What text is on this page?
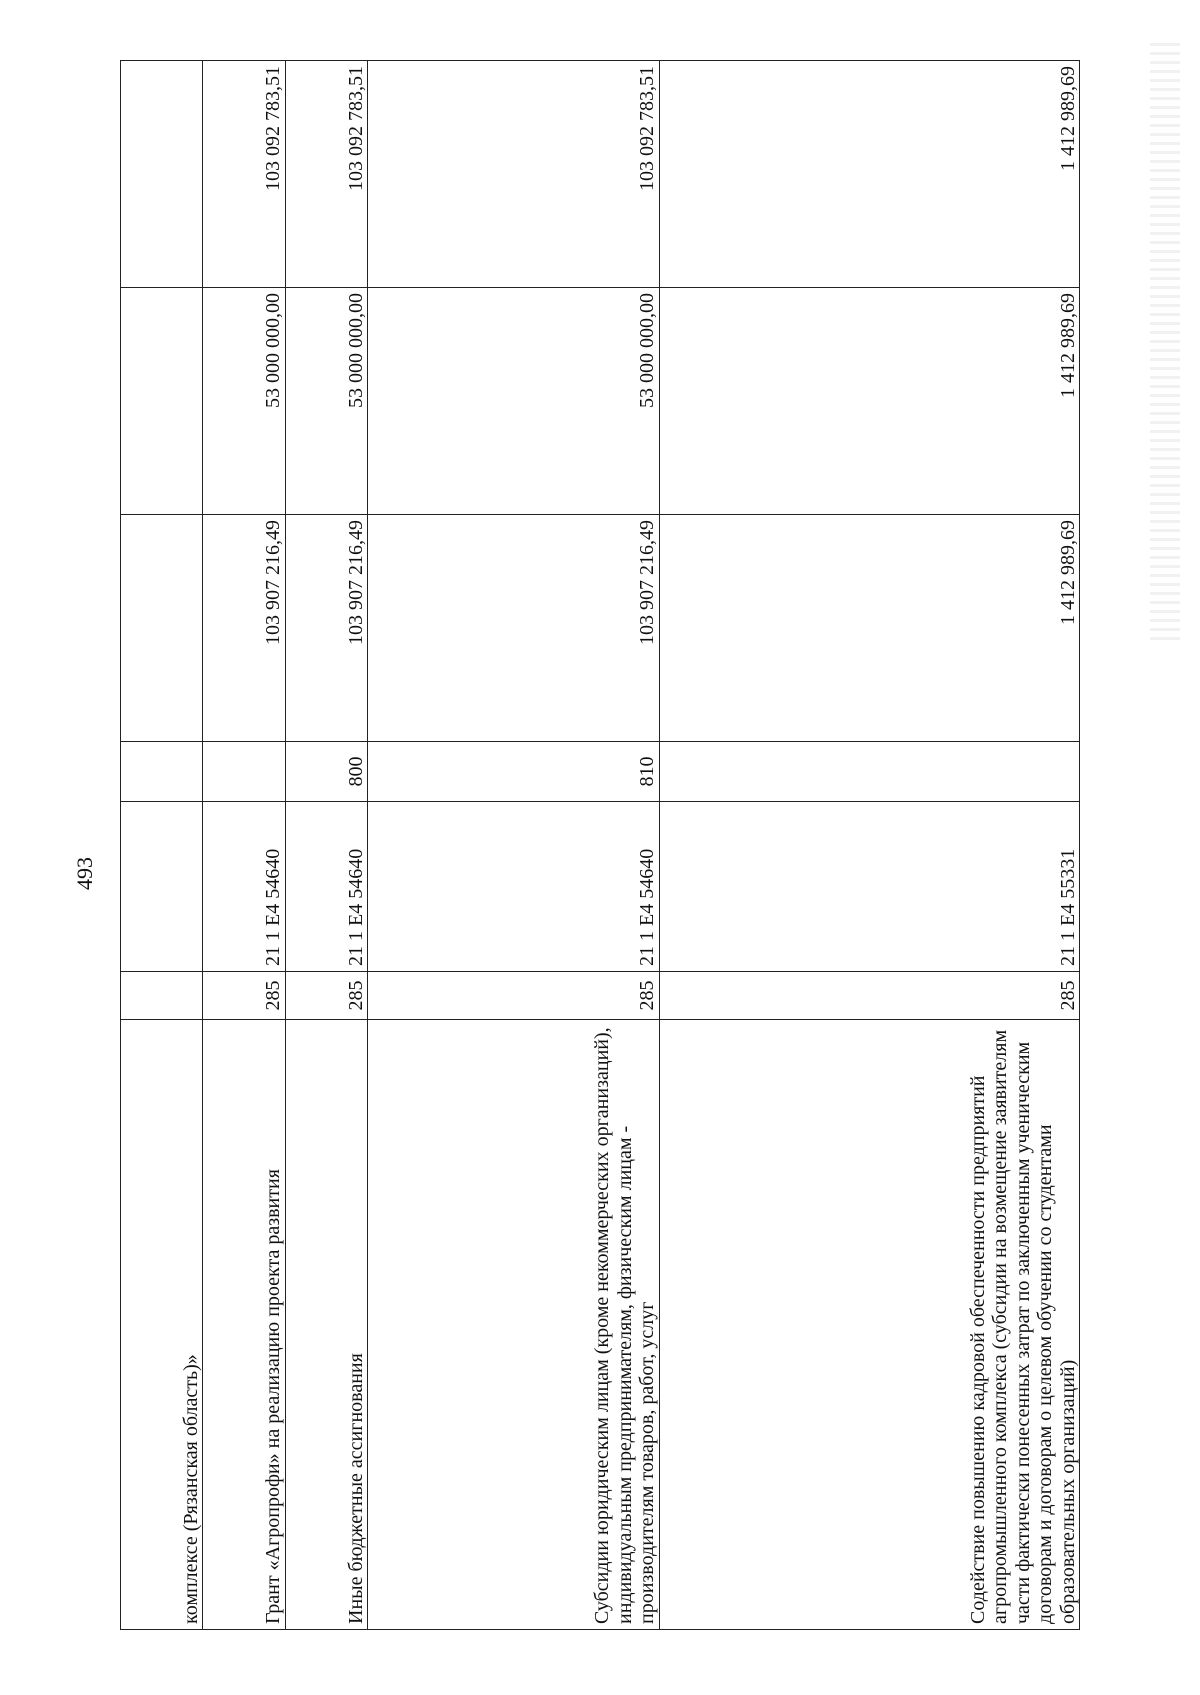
493
комплексе (Рязанская область)»						
Грант «Агропрофи» на реализацию проекта развития	285	21 1 Е4 54640		103 907 216,49	53 000 000,00	103 092 783,51
Иные бюджетные ассигнования	285	21 1 Е4 54640	800	103 907 216,49	53 000 000,00	103 092 783,51
Субсидии юридическим лицам (кроме некоммерческих организаций), индивидуальным предпринимателям, физическим лицам - производителям товаров, работ, услуг	285	21 1 Е4 54640	810	103 907 216,49	53 000 000,00	103 092 783,51
Содействие повышению кадровой обеспеченности предприятий агропромышленного комплекса (субсидии на возмещение заявителям части фактически понесенных затрат по заключенным ученическим договорам и договорам о целевом обучении со студентами образовательных организаций)	285	21 1 Е4 55331		1 412 989,69	1 412 989,69	1 412 989,69
